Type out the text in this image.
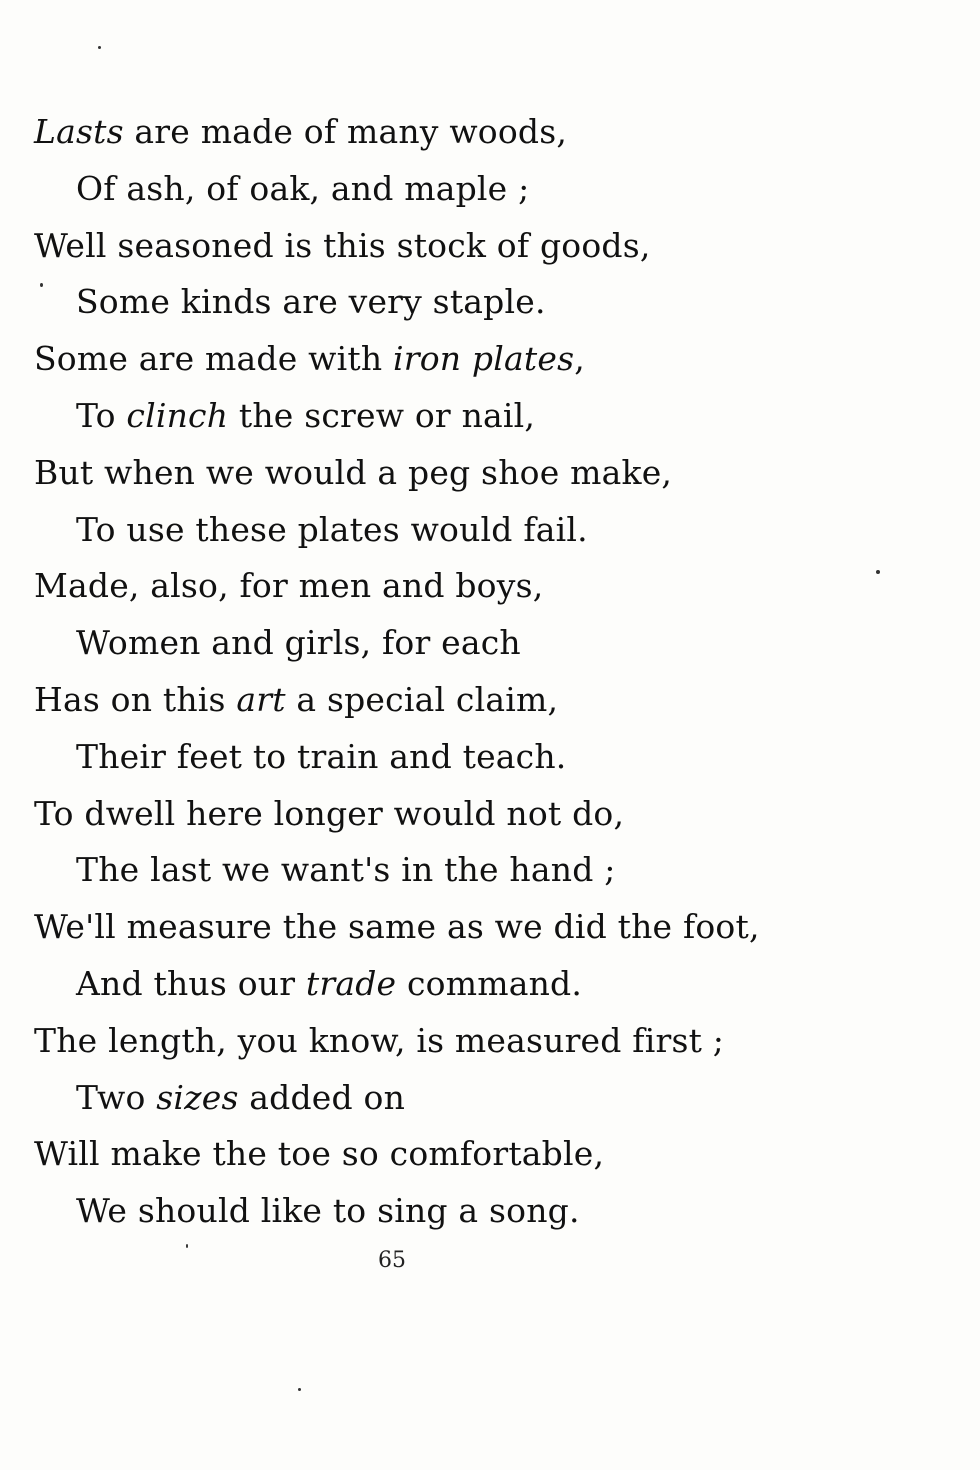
Lasts are made of many woods,
Of ash, of oak, and maple ;
Well seasoned is this stock of goods,
Some kinds are very staple.
Some are made with iron plates,
To clinch the screw or nail,
But when we would a peg shoe make,
To use these plates would fail.
Made, also, for men and boys,
Women and girls, for each
Has on this art a special claim,
Their feet to train and teach.
To dwell here longer would not do,
The last we want's in the hand ;
We'll measure the same as we did the foot,
And thus our trade command.
The length, you know, is measured first ;
Two sizes added on
Will make the toe so comfortable,
We should like to sing a song.
65
